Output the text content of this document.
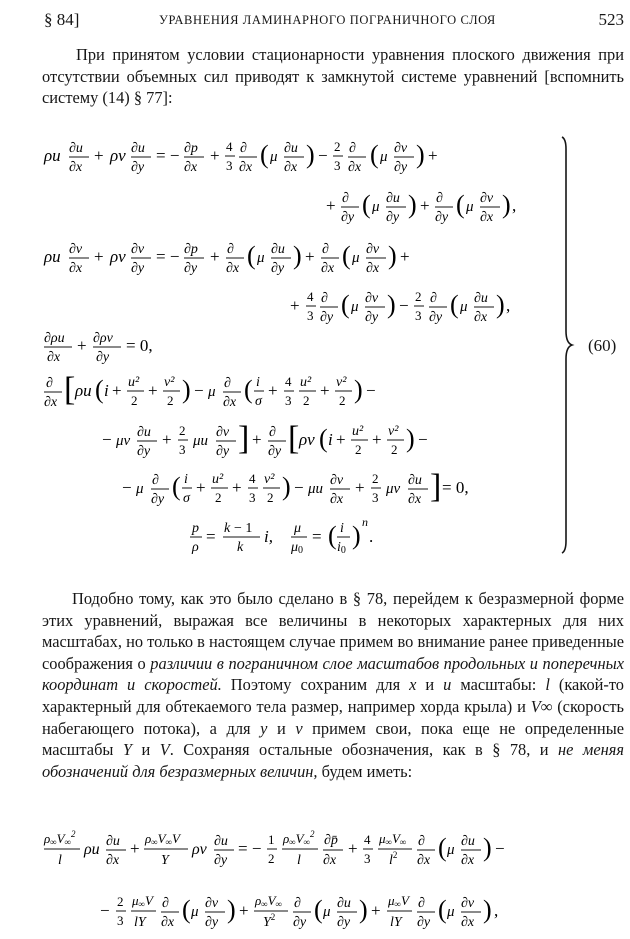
§ 84]	УРАВНЕНИЯ ЛАМИНАРНОГО ПОГРАНИЧНОГО СЛОЯ	523
При принятом условии стационарности уравнения плоского движения при отсутствии объемных сил приводят к замкнутой системе уравнений [вспомнить систему (14) § 77]:
ρu ∂u
∂x
+ ρv ∂u
∂y
= − ∂p
∂x
+ 4
3
∂
∂x ( μ
∂u
∂x ) − 2
3
∂
∂x ( μ
∂v
∂y ) +
+ ∂
∂y ( μ
∂u
∂y ) + ∂
∂y ( μ
∂v
∂x ) ,
ρu ∂v
∂x
+ ρv ∂v
∂y
= − ∂p
∂y
+ ∂
∂x ( μ
∂u
∂y ) + ∂
∂x ( μ
∂v
∂x ) +
+ 4
3
∂
∂y ( μ
∂v
∂y ) − 2
3
∂
∂y ( μ
∂u
∂x ) ,
∂ρu
∂x
+ ∂ρv
∂y
= 0,
∂
∂x [ ρu ( i + u²
2
+ v²
2 ) − μ
∂
∂x ( i
σ
+ 4
3
u²
2
+ v²
2 ) −
− μv
∂u
∂y
+ 2
3
μu
∂v
∂y ] + ∂
∂y [ ρv ( i + u²
2
+ v²
2 ) −
− μ
∂
∂y ( i
σ
+ u²
2
+ 4
3
v²
2 ) − μu
∂v
∂x
+ 2
3
μv
∂u
∂x ] = 0,
p
ρ
= k − 1
k
i, μ
μ0
= ( i
i0
) n
.
(60)
Подобно тому, как это было сделано в § 78, перейдем к безразмерной форме этих уравнений, выражая все величины в некоторых характерных для них масштабах, но только в настоящем случае примем во внимание ранее приведенные соображения о различии в пограничном слое масштабов продольных и поперечных координат и скоростей. Поэтому сохраним для x и u масштабы: l (какой-то характерный для обтекаемого тела размер, например хорда крыла) и V∞ (скорость набегающего потока), а для y и v примем свои, пока еще не определенные масштабы Y и V. Сохраняя остальные обозначения, как в § 78, и не меняя обозначений для безразмерных величин, будем иметь:
ρ∞V∞$^2$
l
ρu ∂u
∂x
+
ρ∞V∞V
Y
ρv ∂u
∂y
= − 1
2
ρ∞V∞$^2$
l
∂p̄
∂x
+ 4
3
μ∞V∞
$l^2$
∂
∂x ( μ
∂u
∂x ) −
− 2
3
μ∞V
lY
∂
∂x ( μ
∂v
∂y ) +
ρ∞V∞
$Y^2$
∂
∂y ( μ
∂u
∂y ) +
μ∞V
lY
∂
∂y ( μ
∂v
∂x ) ,
